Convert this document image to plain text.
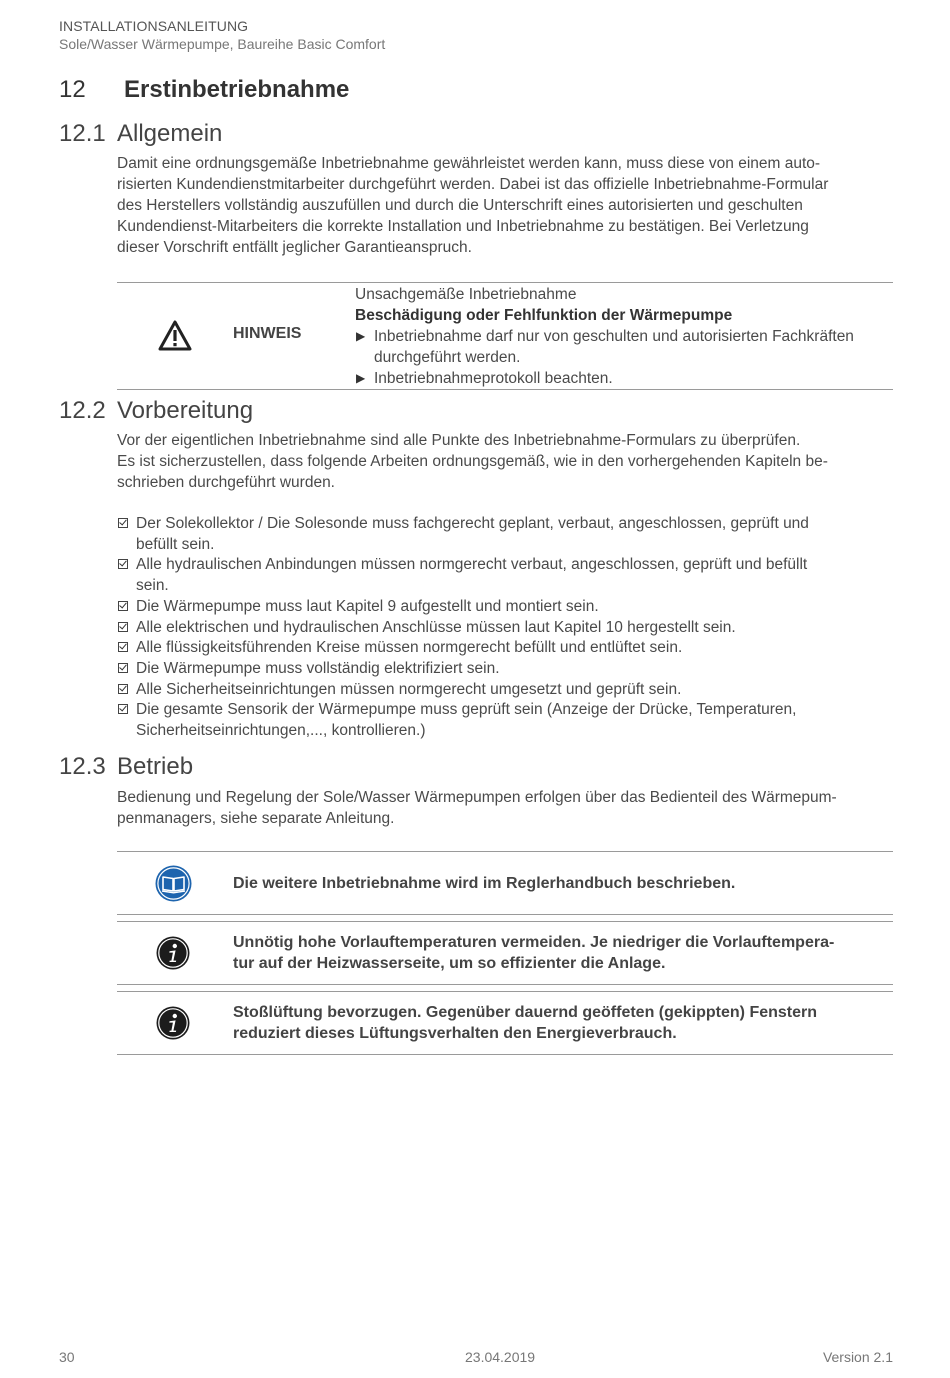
INSTALLATIONSANLEITUNG
Sole/Wasser Wärmepumpe, Baureihe Basic Comfort
12 Erstinbetriebnahme
12.1 Allgemein
Damit eine ordnungsgemäße Inbetriebnahme gewährleistet werden kann, muss diese von einem auto-
risierten Kundendienstmitarbeiter durchgeführt werden. Dabei ist das offizielle Inbetriebnahme-Formular
des Herstellers vollständig auszufüllen und durch die Unterschrift eines autorisierten und geschulten
Kundendienst-Mitarbeiters die korrekte Installation und Inbetriebnahme zu bestätigen. Bei Verletzung
dieser Vorschrift entfällt jeglicher Garantieanspruch.
HINWEIS
Unsachgemäße Inbetriebnahme
Beschädigung oder Fehlfunktion der Wärmepumpe
▶ Inbetriebnahme darf nur von geschulten und autorisierten Fachkräften
durchgeführt werden.
▶ Inbetriebnahmeprotokoll beachten.
12.2 Vorbereitung
Vor der eigentlichen Inbetriebnahme sind alle Punkte des Inbetriebnahme-Formulars zu überprüfen.
Es ist sicherzustellen, dass folgende Arbeiten ordnungsgemäß, wie in den vorhergehenden Kapiteln be-
schrieben durchgeführt wurden.
Der Solekollektor / Die Solesonde muss fachgerecht geplant, verbaut, angeschlossen, geprüft und
befüllt sein.
Alle hydraulischen Anbindungen müssen normgerecht verbaut, angeschlossen, geprüft und befüllt
sein.
Die Wärmepumpe muss laut Kapitel 9 aufgestellt und montiert sein.
Alle elektrischen und hydraulischen Anschlüsse müssen laut Kapitel 10 hergestellt sein.
Alle flüssigkeitsführenden Kreise müssen normgerecht befüllt und entlüftet sein.
Die Wärmepumpe muss vollständig elektrifiziert sein.
Alle Sicherheitseinrichtungen müssen normgerecht umgesetzt und geprüft sein.
Die gesamte Sensorik der Wärmepumpe muss geprüft sein (Anzeige der Drücke, Temperaturen,
Sicherheitseinrichtungen,..., kontrollieren.)
12.3 Betrieb
Bedienung und Regelung der Sole/Wasser Wärmepumpen erfolgen über das Bedienteil des Wärmepum-
penmanagers, siehe separate Anleitung.
Die weitere Inbetriebnahme wird im Reglerhandbuch beschrieben.
Unnötig hohe Vorlauftemperaturen vermeiden. Je niedriger die Vorlauftempera-
tur auf der Heizwasserseite, um so effizienter die Anlage.
Stoßlüftung bevorzugen. Gegenüber dauernd geöffeten (gekippten) Fenstern
reduziert dieses Lüftungsverhalten den Energieverbrauch.
30	23.04.2019	Version 2.1
